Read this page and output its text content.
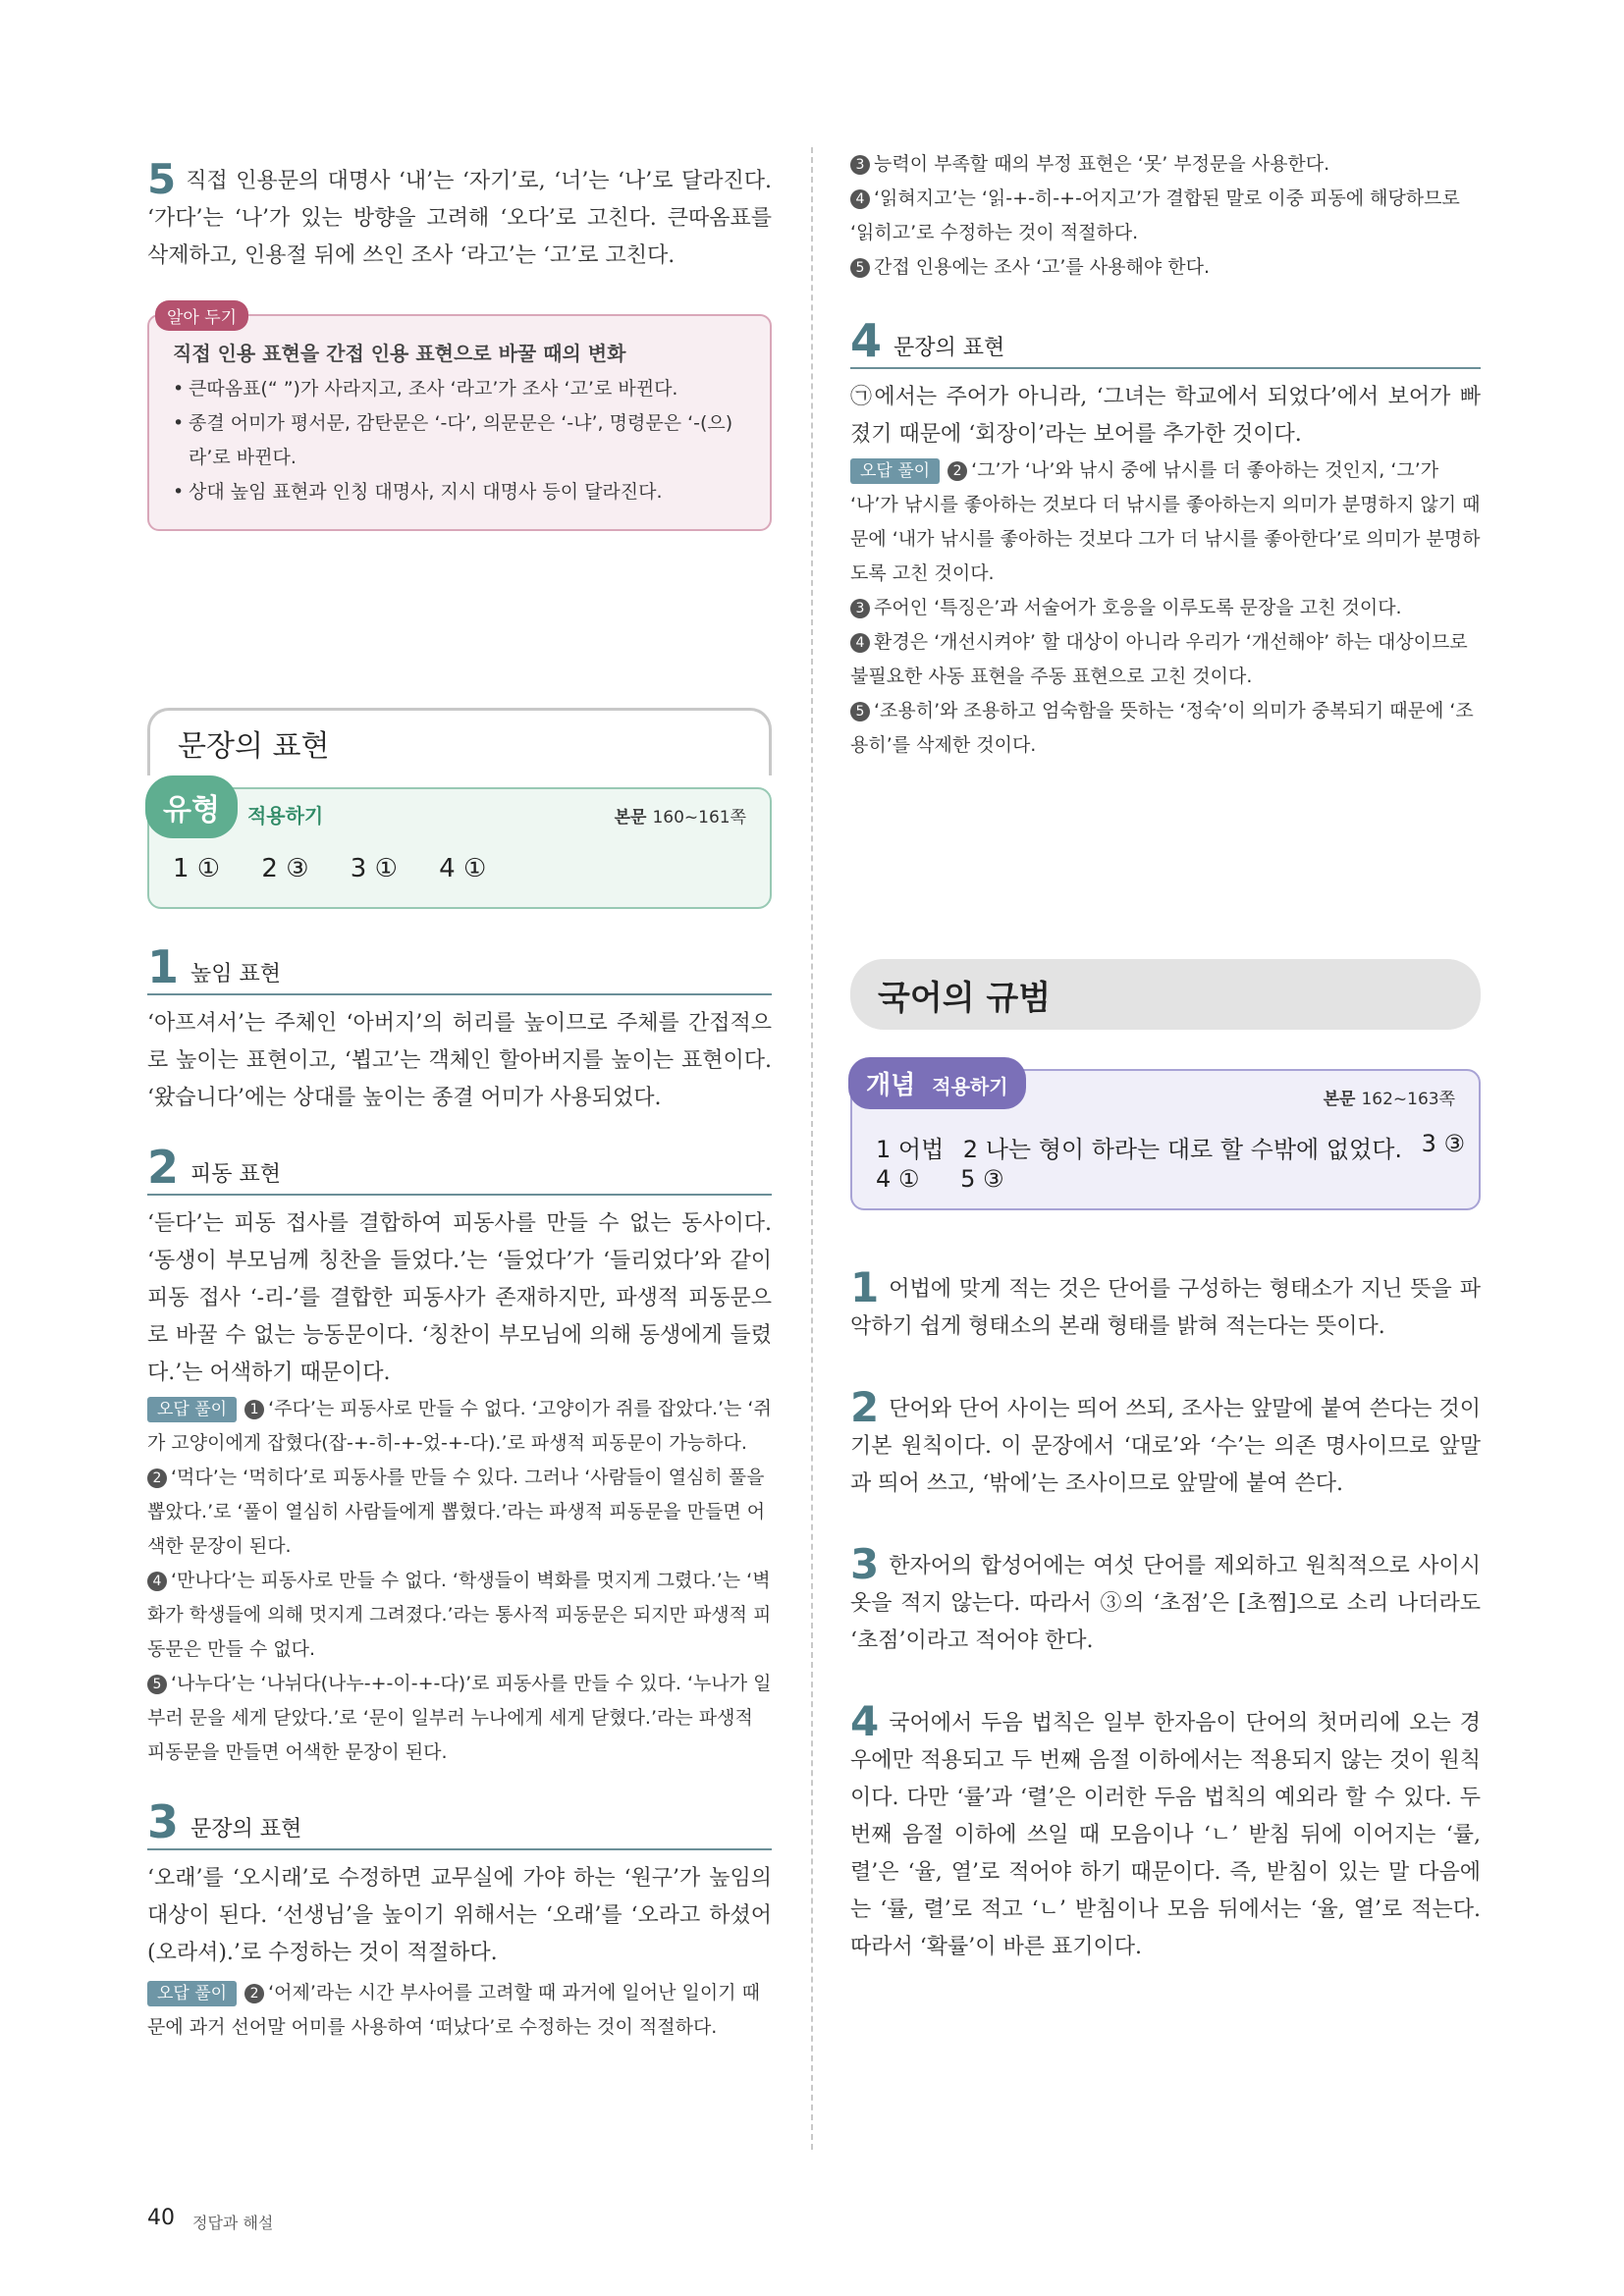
5 직접 인용문의 대명사 ‘내’는 ‘자기’로, ‘너’는 ‘나’로 달라진다. ‘가다’는 ‘나’가 있는 방향을 고려해 ‘오다’로 고친다. 큰따옴표를 삭제하고, 인용절 뒤에 쓰인 조사 ‘라고’는 ‘고’로 고친다.

알아 두기
직접 인용 표현을 간접 인용 표현으로 바꿀 때의 변화
• 큰따옴표(“ ”)가 사라지고, 조사 ‘라고’가 조사 ‘고’로 바뀐다.
• 종결 어미가 평서문, 감탄문은 ‘-다’, 의문문은 ‘-냐’, 명령문은 ‘-(으)라’로 바뀐다.
• 상대 높임 표현과 인칭 대명사, 지시 대명사 등이 달라진다.
문장의 표현
유형	적용하기	본문 160~161쪽
1 ① 2 ③ 3 ① 4 ①
1 높임 표현

‘아프셔서’는 주체인 ‘아버지’의 허리를 높이므로 주체를 간접적으로 높이는 표현이고, ‘뵙고’는 객체인 할아버지를 높이는 표현이다. ‘왔습니다’에는 상대를 높이는 종결 어미가 사용되었다.

2 피동 표현

‘듣다’는 피동 접사를 결합하여 피동사를 만들 수 없는 동사이다. ‘동생이 부모님께 칭찬을 들었다.’는 ‘들었다’가 ‘들리었다’와 같이 피동 접사 ‘-리-’를 결합한 피동사가 존재하지만, 파생적 피동문으로 바꿀 수 없는 능동문이다. ‘칭찬이 부모님에 의해 동생에게 들렸다.’는 어색하기 때문이다.

오답 풀이 1 ‘주다’는 피동사로 만들 수 없다. ‘고양이가 쥐를 잡았다.’는 ‘쥐가 고양이에게 잡혔다(잡-+-히-+-었-+-다).’로 파생적 피동문이 가능하다.

2 ‘먹다’는 ‘먹히다’로 피동사를 만들 수 있다. 그러나 ‘사람들이 열심히 풀을 뽑았다.’로 ‘풀이 열심히 사람들에게 뽑혔다.’라는 파생적 피동문을 만들면 어색한 문장이 된다.

4 ‘만나다’는 피동사로 만들 수 없다. ‘학생들이 벽화를 멋지게 그렸다.’는 ‘벽화가 학생들에 의해 멋지게 그려졌다.’라는 통사적 피동문은 되지만 파생적 피동문은 만들 수 없다.

5 ‘나누다’는 ‘나뉘다(나누-+-이-+-다)’로 피동사를 만들 수 있다. ‘누나가 일부러 문을 세게 닫았다.’로 ‘문이 일부러 누나에게 세게 닫혔다.’라는 파생적 피동문을 만들면 어색한 문장이 된다.

3 문장의 표현

‘오래’를 ‘오시래’로 수정하면 교무실에 가야 하는 ‘원구’가 높임의 대상이 된다. ‘선생님’을 높이기 위해서는 ‘오래’를 ‘오라고 하셨어(오라셔).’로 수정하는 것이 적절하다.

오답 풀이 2 ‘어제’라는 시간 부사어를 고려할 때 과거에 일어난 일이기 때문에 과거 선어말 어미를 사용하여 ‘떠났다’로 수정하는 것이 적절하다.

3 능력이 부족할 때의 부정 표현은 ‘못’ 부정문을 사용한다.

4 ‘읽혀지고’는 ‘읽-+-히-+-어지고’가 결합된 말로 이중 피동에 해당하므로 ‘읽히고’로 수정하는 것이 적절하다.

5 간접 인용에는 조사 ‘고’를 사용해야 한다.

4 문장의 표현

㉠에서는 주어가 아니라, ‘그녀는 학교에서 되었다’에서 보어가 빠졌기 때문에 ‘회장이’라는 보어를 추가한 것이다.

오답 풀이 2 ‘그’가 ‘나’와 낚시 중에 낚시를 더 좋아하는 것인지, ‘그’가 ‘나’가 낚시를 좋아하는 것보다 더 낚시를 좋아하는지 의미가 분명하지 않기 때문에 ‘내가 낚시를 좋아하는 것보다 그가 더 낚시를 좋아한다’로 의미가 분명하도록 고친 것이다.

3 주어인 ‘특징은’과 서술어가 호응을 이루도록 문장을 고친 것이다.

4 환경은 ‘개선시켜야’ 할 대상이 아니라 우리가 ‘개선해야’ 하는 대상이므로 불필요한 사동 표현을 주동 표현으로 고친 것이다.

5 ‘조용히’와 조용하고 엄숙함을 뜻하는 ‘정숙’이 의미가 중복되기 때문에 ‘조용히’를 삭제한 것이다.

국어의 규범
개념 적용하기
본문 162~163쪽
1 어법 2 나는 형이 하라는 대로 할 수밖에 없었다. 3 ③
4 ① 5 ③

1 어법에 맞게 적는 것은 단어를 구성하는 형태소가 지닌 뜻을 파악하기 쉽게 형태소의 본래 형태를 밝혀 적는다는 뜻이다.

2 단어와 단어 사이는 띄어 쓰되, 조사는 앞말에 붙여 쓴다는 것이 기본 원칙이다. 이 문장에서 ‘대로’와 ‘수’는 의존 명사이므로 앞말과 띄어 쓰고, ‘밖에’는 조사이므로 앞말에 붙여 쓴다.

3 한자어의 합성어에는 여섯 단어를 제외하고 원칙적으로 사이시옷을 적지 않는다. 따라서 ③의 ‘초점’은 [초쩜]으로 소리 나더라도 ‘초점’이라고 적어야 한다.

4 국어에서 두음 법칙은 일부 한자음이 단어의 첫머리에 오는 경우에만 적용되고 두 번째 음절 이하에서는 적용되지 않는 것이 원칙이다. 다만 ‘률’과 ‘렬’은 이러한 두음 법칙의 예외라 할 수 있다. 두 번째 음절 이하에 쓰일 때 모음이나 ‘ㄴ’ 받침 뒤에 이어지는 ‘률, 렬’은 ‘율, 열’로 적어야 하기 때문이다. 즉, 받침이 있는 말 다음에는 ‘률, 렬’로 적고 ‘ㄴ’ 받침이나 모음 뒤에서는 ‘율, 열’로 적는다. 따라서 ‘확률’이 바른 표기이다.

40 정답과 해설
